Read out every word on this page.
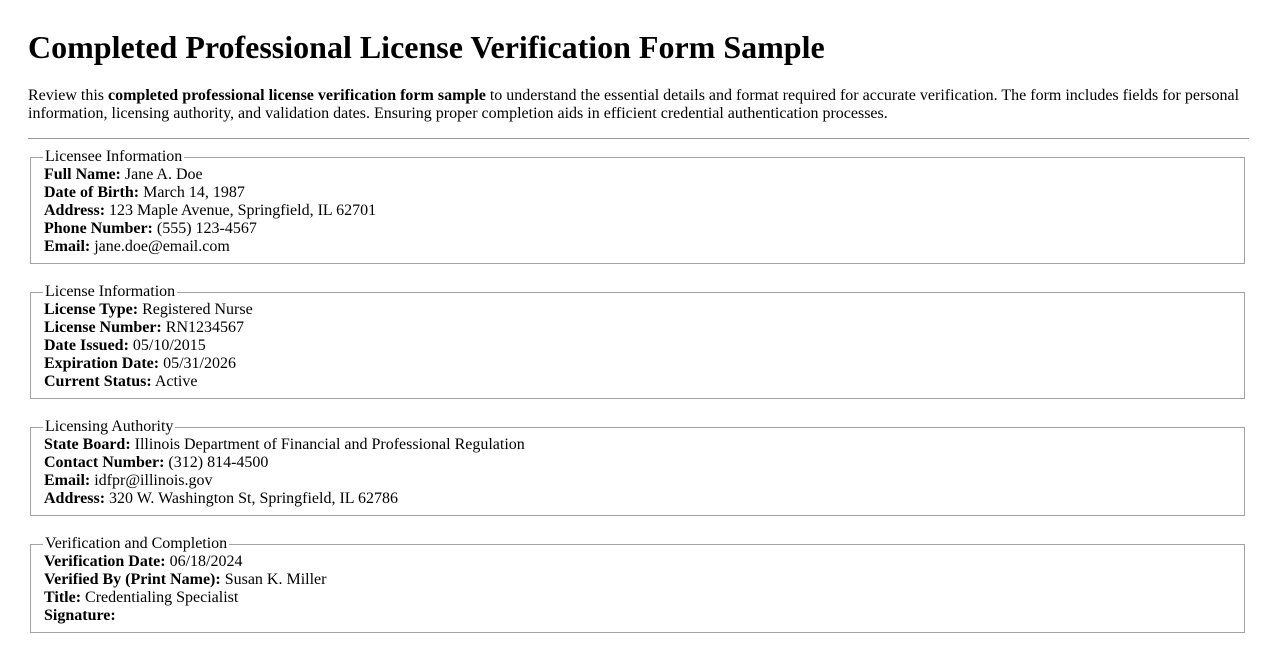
Completed Professional License Verification Form Sample

Review this completed professional license verification form sample to understand the essential details and format required for accurate verification. The form includes fields for personal information, licensing authority, and validation dates. Ensuring proper completion aids in efficient credential authentication processes.

Licensee Information
Full Name: Jane A. Doe
Date of Birth: March 14, 1987
Address: 123 Maple Avenue, Springfield, IL 62701
Phone Number: (555) 123-4567
Email: jane.doe@email.com
License Information
License Type: Registered Nurse
License Number: RN1234567
Date Issued: 05/10/2015
Expiration Date: 05/31/2026
Current Status: Active
Licensing Authority
State Board: Illinois Department of Financial and Professional Regulation
Contact Number: (312) 814-4500
Email: idfpr@illinois.gov
Address: 320 W. Washington St, Springfield, IL 62786
Verification and Completion
Verification Date: 06/18/2024
Verified By (Print Name): Susan K. Miller
Title: Credentialing Specialist
Signature:
